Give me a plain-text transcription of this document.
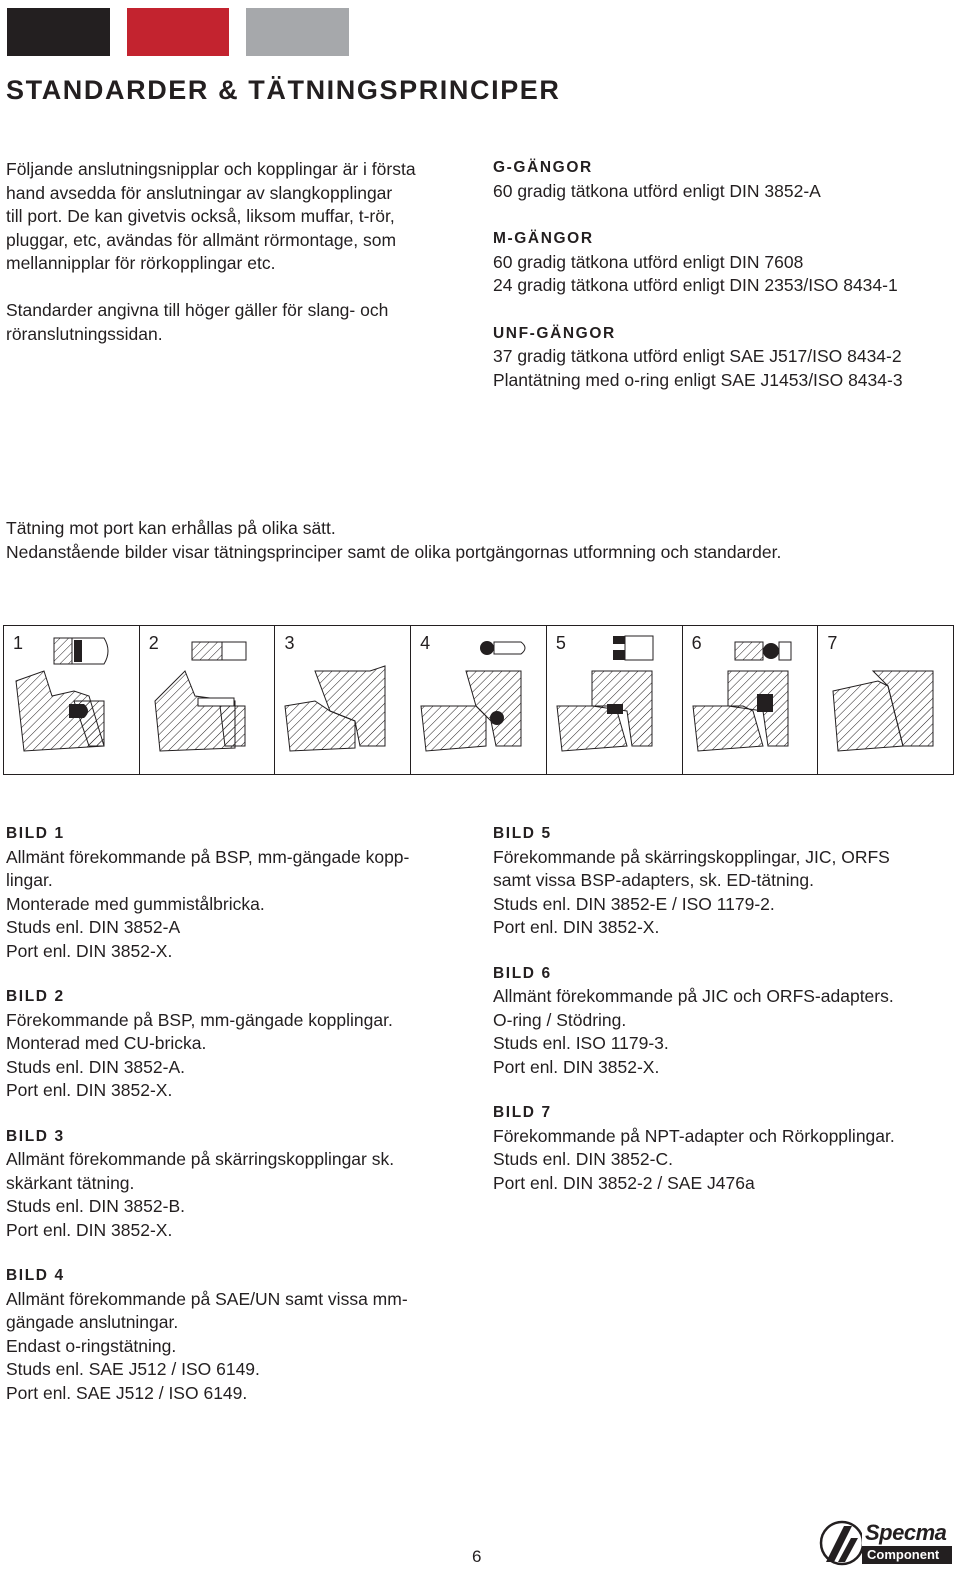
STANDARDER & TÄTNINGSPRINCIPER

Följande anslutningsnipplar och kopplingar är i första
hand avsedda för anslutningar av slangkopplingar
till port. De kan givetvis också, liksom muffar, t-rör,
pluggar, etc, avändas för allmänt rörmontage, som
mellannipplar för rörkopplingar etc.

Standarder angivna till höger gäller för slang- och
röranslutningssidan.

G-GÄNGOR
60 gradig tätkona utförd enligt DIN 3852-A
M-GÄNGOR
60 gradig tätkona utförd enligt DIN 7608
24 gradig tätkona utförd enligt DIN 2353/ISO 8434-1
UNF-GÄNGOR
37 gradig tätkona utförd enligt SAE J517/ISO 8434-2
Plantätning med o-ring enligt SAE J1453/ISO 8434-3
Tätning mot port kan erhållas på olika sätt.
Nedanstående bilder visar tätningsprinciper samt de olika portgängornas utformning och standarder.
1	2	3	4	5	6	7
BILD 1
Allmänt förekommande på BSP, mm-gängade kopp-
lingar.
Monterade med gummistålbricka.
Studs enl. DIN 3852-A
Port enl. DIN 3852-X.
BILD 2
Förekommande på BSP, mm-gängade kopplingar.
Monterad med CU-bricka.
Studs enl. DIN 3852-A.
Port enl. DIN 3852-X.
BILD 3
Allmänt förekommande på skärringskopplingar sk.
skärkant tätning.
Studs enl. DIN 3852-B.
Port enl. DIN 3852-X.
BILD 4
Allmänt förekommande på SAE/UN samt vissa mm-
gängade anslutningar.
Endast o-ringstätning.
Studs enl. SAE J512 / ISO 6149.
Port enl. SAE J512 / ISO 6149.
BILD 5
Förekommande på skärringskopplingar, JIC, ORFS
samt vissa BSP-adapters, sk. ED-tätning.
Studs enl. DIN 3852-E / ISO 1179-2.
Port enl. DIN 3852-X.
BILD 6
Allmänt förekommande på JIC och ORFS-adapters.
O-ring / Stödring.
Studs enl. ISO 1179-3.
Port enl. DIN 3852-X.
BILD 7
Förekommande på NPT-adapter och Rörkopplingar.
Studs enl. DIN 3852-C.
Port enl. DIN 3852-2 / SAE J476a
6
Specma
Component
